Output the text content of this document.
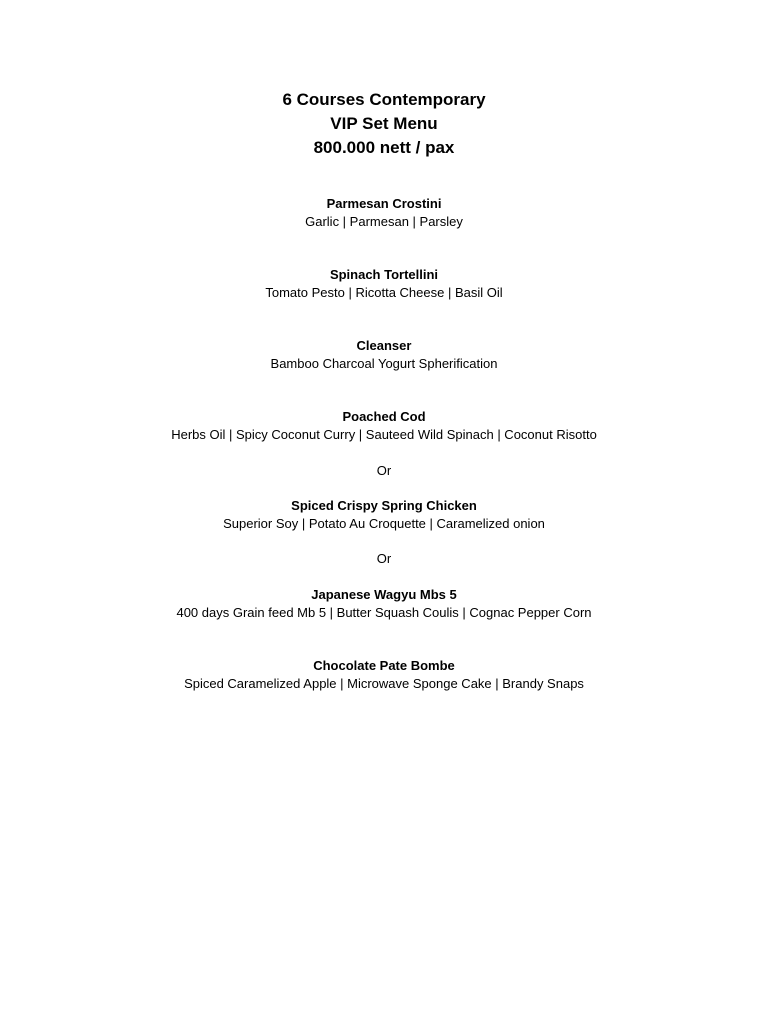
6 Courses Contemporary
VIP Set Menu
800.000 nett / pax
Parmesan Crostini
Garlic | Parmesan | Parsley
Spinach Tortellini
Tomato Pesto | Ricotta Cheese | Basil Oil
Cleanser
Bamboo Charcoal Yogurt Spherification
Poached Cod
Herbs Oil | Spicy Coconut Curry | Sauteed Wild Spinach | Coconut Risotto
Or
Spiced Crispy Spring Chicken
Superior Soy | Potato Au Croquette | Caramelized onion
Or
Japanese Wagyu Mbs 5
400 days Grain feed Mb 5 | Butter Squash Coulis | Cognac Pepper Corn
Chocolate Pate Bombe
Spiced Caramelized Apple | Microwave Sponge Cake | Brandy Snaps
